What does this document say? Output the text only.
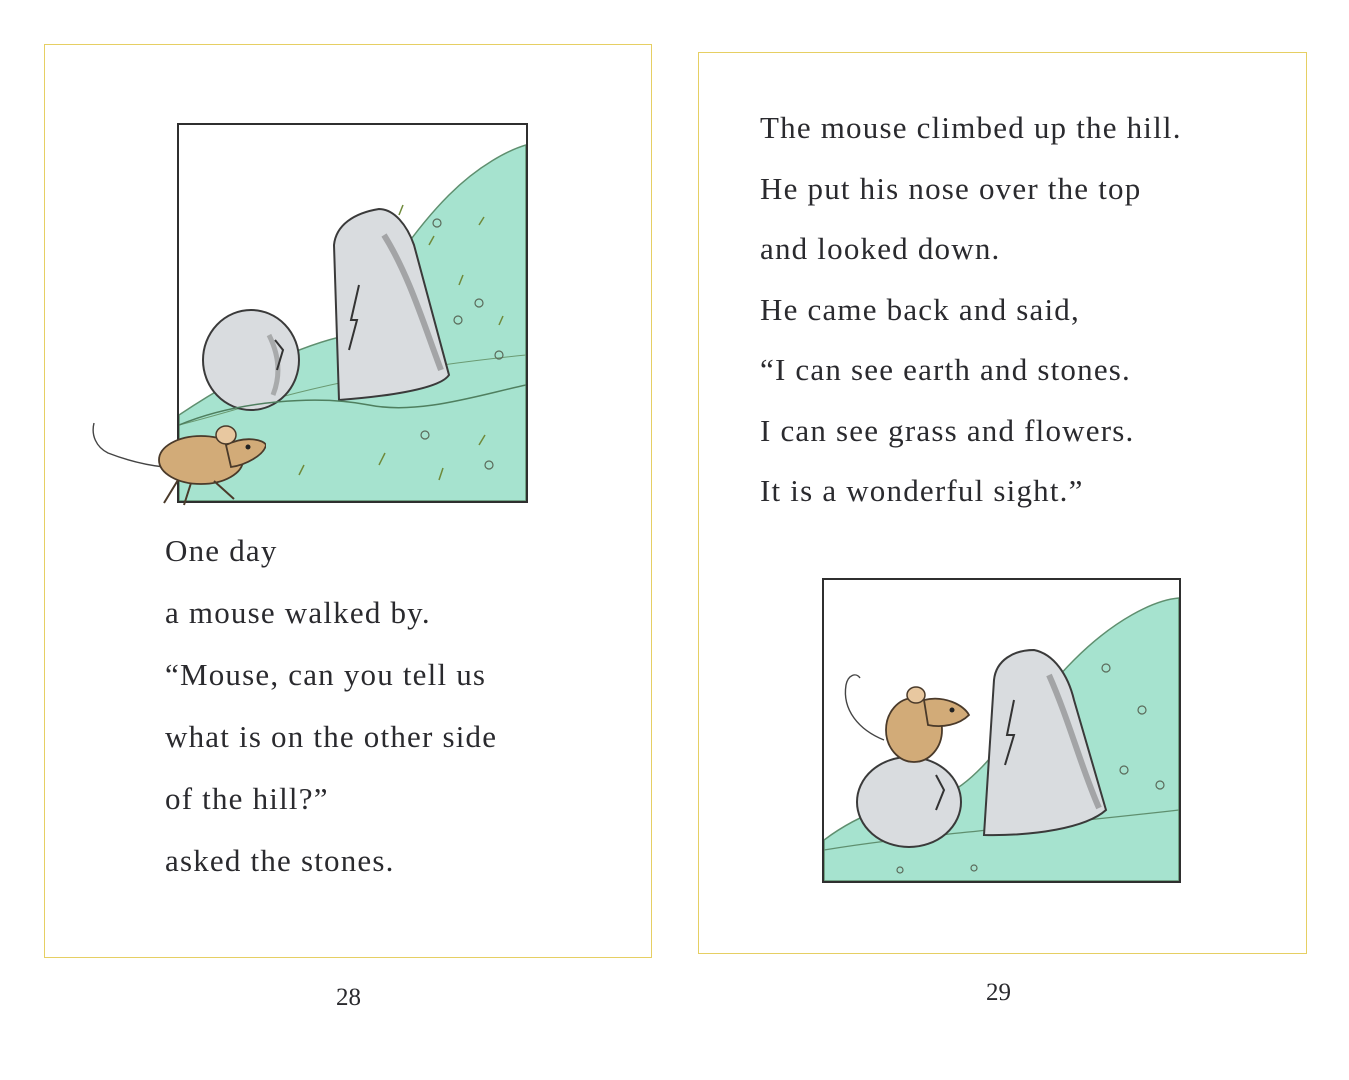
One day
a mouse walked by.
“Mouse, can you tell us
what is on the other side
of the hill?”
asked the stones.
The mouse climbed up the hill.
He put his nose over the top
and looked down.
He came back and said,
“I can see earth and stones.
I can see grass and flowers.
It is a wonderful sight.”
28	29
